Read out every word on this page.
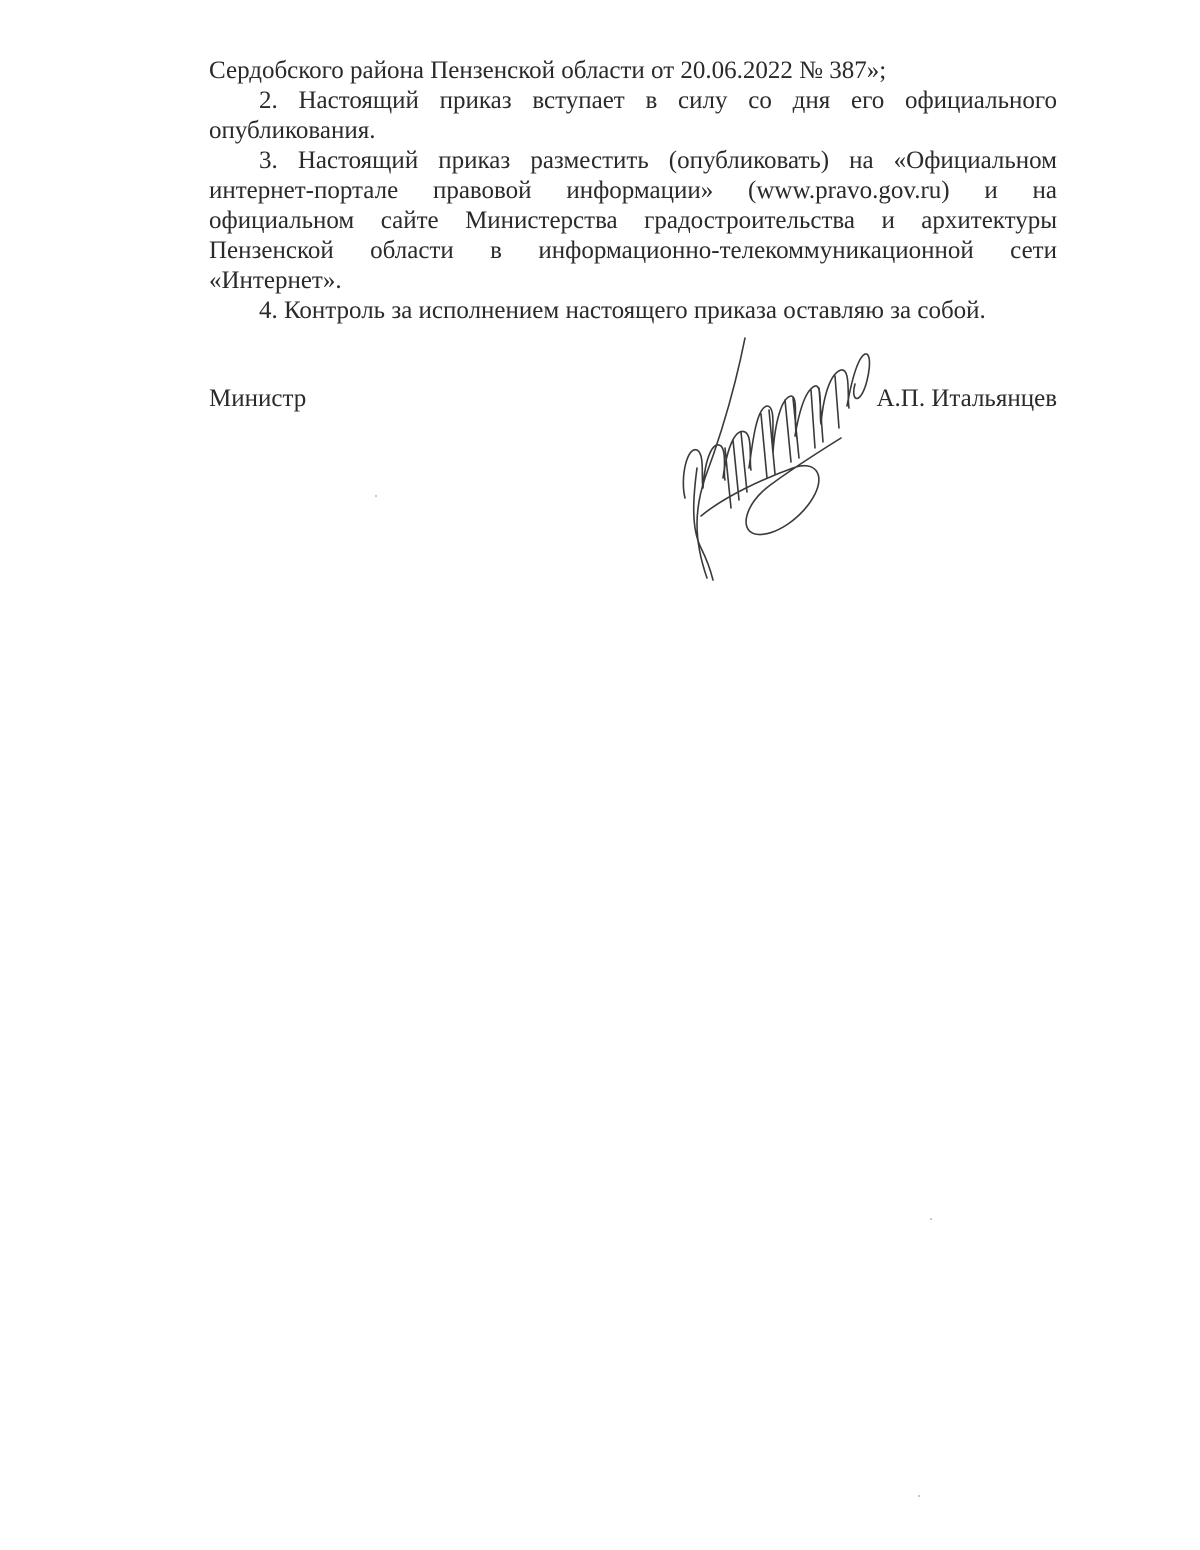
Сердобского района Пензенской области от 20.06.2022 № 387»;

2. Настоящий приказ вступает в силу со дня его официального опубликования.

3. Настоящий приказ разместить (опубликовать) на «Официальном интернет-портале правовой информации» (www.pravo.gov.ru) и на официальном сайте Министерства градостроительства и архитектуры Пензенской области в информационно-телекоммуникационной сети «Интернет».

4. Контроль за исполнением настоящего приказа оставляю за собой.

Министр	А.П. Итальянцев
